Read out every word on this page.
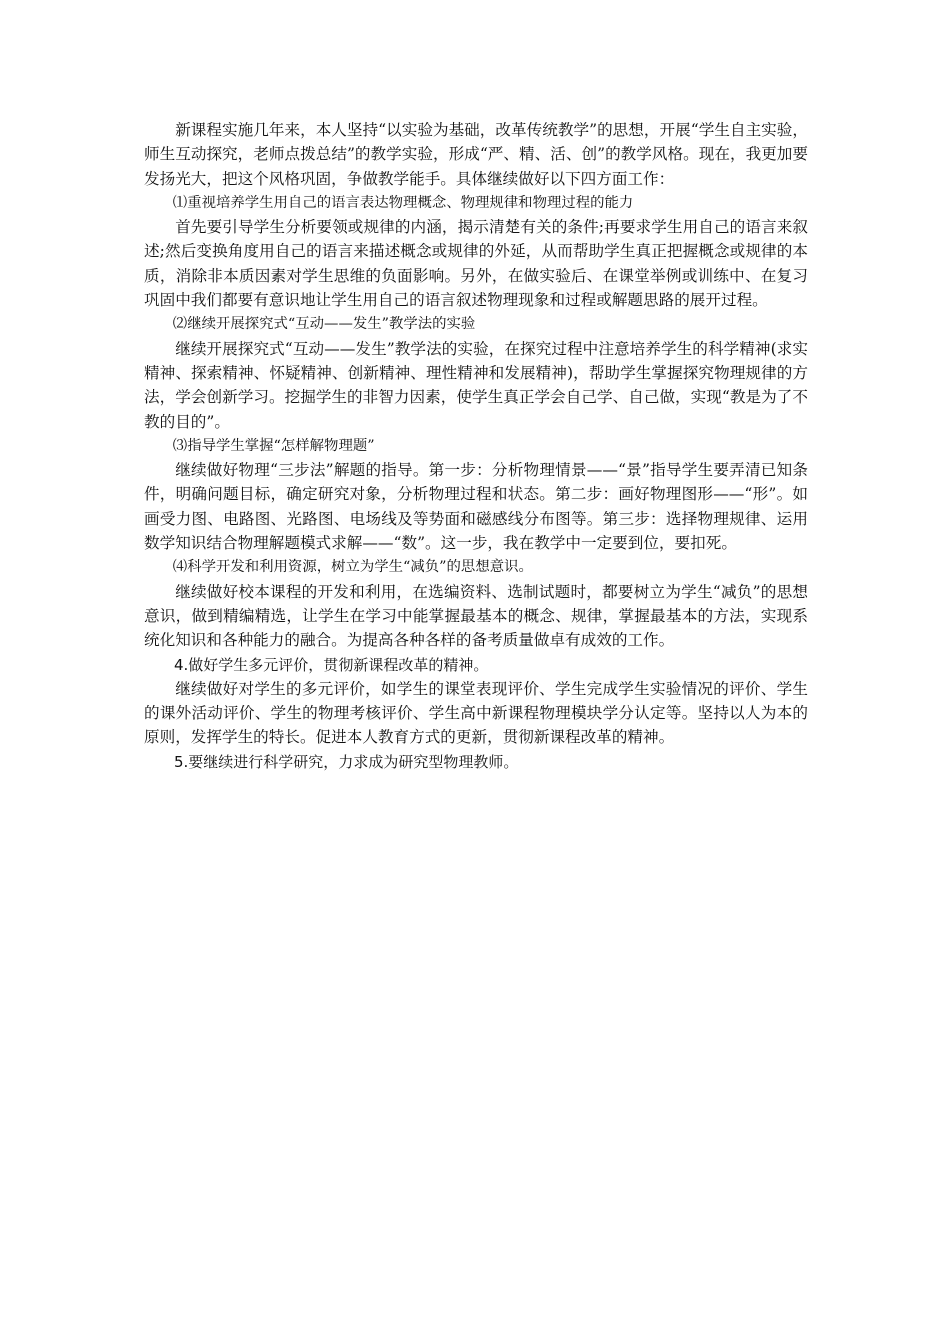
新课程实施几年来，本人坚持“以实验为基础，改革传统教学”的思想，开展“学生自主实验，师生互动探究，老师点拨总结”的教学实验，形成“严、精、活、创”的教学风格。现在，我更加要发扬光大，把这个风格巩固，争做教学能手。具体继续做好以下四方面工作：

⑴重视培养学生用自己的语言表达物理概念、物理规律和物理过程的能力

首先要引导学生分析要领或规律的内涵，揭示清楚有关的条件;再要求学生用自己的语言来叙述;然后变换角度用自己的语言来描述概念或规律的外延，从而帮助学生真正把握概念或规律的本质，消除非本质因素对学生思维的负面影响。另外，在做实验后、在课堂举例或训练中、在复习巩固中我们都要有意识地让学生用自己的语言叙述物理现象和过程或解题思路的展开过程。

⑵继续开展探究式“互动——发生”教学法的实验

继续开展探究式“互动——发生”教学法的实验，在探究过程中注意培养学生的科学精神(求实精神、探索精神、怀疑精神、创新精神、理性精神和发展精神)，帮助学生掌握探究物理规律的方法，学会创新学习。挖掘学生的非智力因素，使学生真正学会自己学、自己做，实现“教是为了不教的目的”。

⑶指导学生掌握“怎样解物理题”

继续做好物理“三步法”解题的指导。第一步：分析物理情景——“景”指导学生要弄清已知条件，明确问题目标，确定研究对象，分析物理过程和状态。第二步：画好物理图形——“形”。如画受力图、电路图、光路图、电场线及等势面和磁感线分布图等。第三步：选择物理规律、运用数学知识结合物理解题模式求解——“数”。这一步，我在教学中一定要到位，要扣死。

⑷科学开发和利用资源，树立为学生“减负”的思想意识。

继续做好校本课程的开发和利用，在选编资料、选制试题时，都要树立为学生“减负”的思想意识，做到精编精选，让学生在学习中能掌握最基本的概念、规律，掌握最基本的方法，实现系统化知识和各种能力的融合。为提高各种各样的备考质量做卓有成效的工作。

4.做好学生多元评价，贯彻新课程改革的精神。

继续做好对学生的多元评价，如学生的课堂表现评价、学生完成学生实验情况的评价、学生的课外活动评价、学生的物理考核评价、学生高中新课程物理模块学分认定等。坚持以人为本的原则，发挥学生的特长。促进本人教育方式的更新，贯彻新课程改革的精神。

5.要继续进行科学研究，力求成为研究型物理教师。
